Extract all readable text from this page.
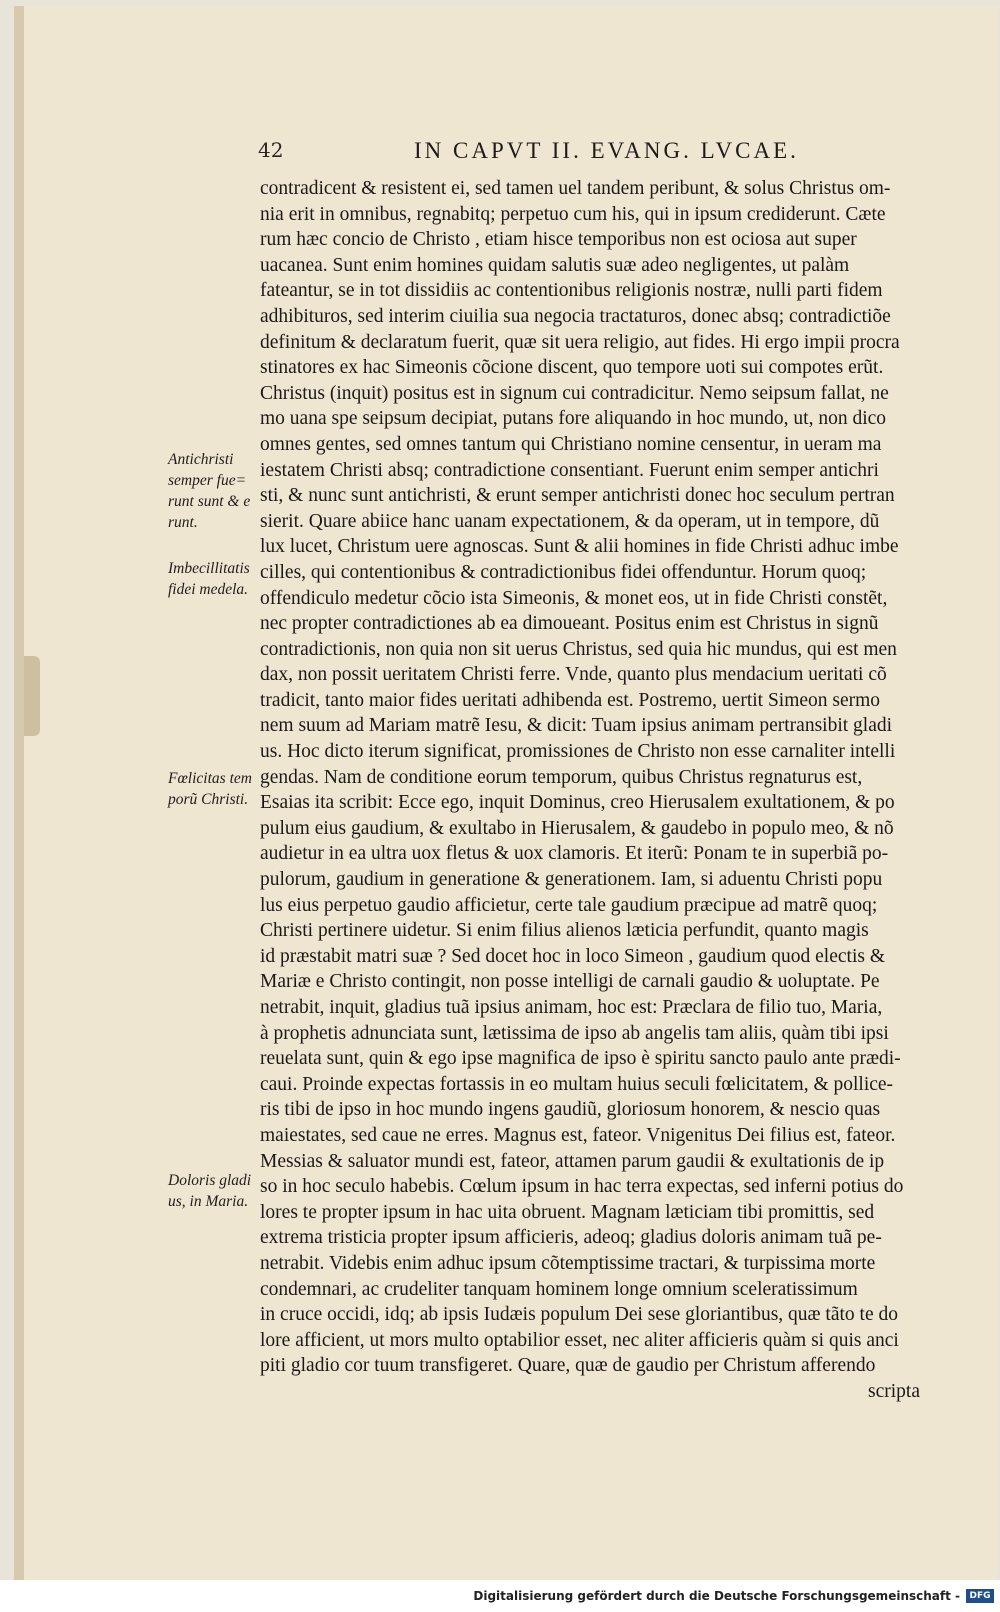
42	IN CAPVT II. EVANG. LVCAE.
Antichristi semper fue= runt sunt & e runt.
Imbecillitatis fidei medela.
Fœlicitas tem porũ Christi.
Doloris gladi us, in Maria.
contradicent & resistent ei, sed tamen uel tandem peribunt, & solus Christus om-
nia erit in omnibus, regnabitq; perpetuo cum his, qui in ipsum crediderunt. Cæte
rum hæc concio de Christo , etiam hisce temporibus non est ociosa aut super
uacanea. Sunt enim homines quidam salutis suæ adeo negligentes, ut palàm
fateantur, se in tot dissidiis ac contentionibus religionis nostræ, nulli parti fidem
adhibituros, sed interim ciuilia sua negocia tractaturos, donec absq; contradictiõe
definitum & declaratum fuerit, quæ sit uera religio, aut fides. Hi ergo impii procra
stinatores ex hac Simeonis cõcione discent, quo tempore uoti sui compotes erũt.
Christus (inquit) positus est in signum cui contradicitur. Nemo seipsum fallat, ne
mo uana spe seipsum decipiat, putans fore aliquando in hoc mundo, ut, non dico
omnes gentes, sed omnes tantum qui Christiano nomine censentur, in ueram ma
iestatem Christi absq; contradictione consentiant. Fuerunt enim semper antichri
sti, & nunc sunt antichristi, & erunt semper antichristi donec hoc seculum pertran
sierit. Quare abiice hanc uanam expectationem, & da operam, ut in tempore, dũ
lux lucet, Christum uere agnoscas. Sunt & alii homines in fide Christi adhuc imbe
cilles, qui contentionibus & contradictionibus fidei offenduntur. Horum quoq;
offendiculo medetur cõcio ista Simeonis, & monet eos, ut in fide Christi constẽt,
nec propter contradictiones ab ea dimoueant. Positus enim est Christus in signũ
contradictionis, non quia non sit uerus Christus, sed quia hic mundus, qui est men
dax, non possit ueritatem Christi ferre. Vnde, quanto plus mendacium ueritati cõ
tradicit, tanto maior fides ueritati adhibenda est. Postremo, uertit Simeon sermo
nem suum ad Mariam matrẽ Iesu, & dicit: Tuam ipsius animam pertransibit gladi
us. Hoc dicto iterum significat, promissiones de Christo non esse carnaliter intelli
gendas. Nam de conditione eorum temporum, quibus Christus regnaturus est,
Esaias ita scribit: Ecce ego, inquit Dominus, creo Hierusalem exultationem, & po
pulum eius gaudium, & exultabo in Hierusalem, & gaudebo in populo meo, & nõ
audietur in ea ultra uox fletus & uox clamoris. Et iterũ: Ponam te in superbiã po-
pulorum, gaudium in generatione & generationem. Iam, si aduentu Christi popu
lus eius perpetuo gaudio afficietur, certe tale gaudium præcipue ad matrẽ quoq;
Christi pertinere uidetur. Si enim filius alienos læticia perfundit, quanto magis
id præstabit matri suæ ? Sed docet hoc in loco Simeon , gaudium quod electis &
Mariæ e Christo contingit, non posse intelligi de carnali gaudio & uoluptate. Pe
netrabit, inquit, gladius tuã ipsius animam, hoc est: Præclara de filio tuo, Maria,
à prophetis adnunciata sunt, lætissima de ipso ab angelis tam aliis, quàm tibi ipsi
reuelata sunt, quin & ego ipse magnifica de ipso è spiritu sancto paulo ante prædi-
caui. Proinde expectas fortassis in eo multam huius seculi fœlicitatem, & pollice-
ris tibi de ipso in hoc mundo ingens gaudiũ, gloriosum honorem, & nescio quas
maiestates, sed caue ne erres. Magnus est, fateor. Vnigenitus Dei filius est, fateor.
Messias & saluator mundi est, fateor, attamen parum gaudii & exultationis de ip
so in hoc seculo habebis. Cœlum ipsum in hac terra expectas, sed inferni potius do
lores te propter ipsum in hac uita obruent. Magnam læticiam tibi promittis, sed
extrema tristicia propter ipsum afficieris, adeoq; gladius doloris animam tuã pe-
netrabit. Videbis enim adhuc ipsum cõtemptissime tractari, & turpissima morte
condemnari, ac crudeliter tanquam hominem longe omnium sceleratissimum
in cruce occidi, idq; ab ipsis Iudæis populum Dei sese gloriantibus, quæ tãto te do
lore afficient, ut mors multo optabilior esset, nec aliter afficieris quàm si quis anci
piti gladio cor tuum transfigeret. Quare, quæ de gaudio per Christum afferendo
scripta
Digitalisierung gefördert durch die Deutsche Forschungsgemeinschaft -	DFG
